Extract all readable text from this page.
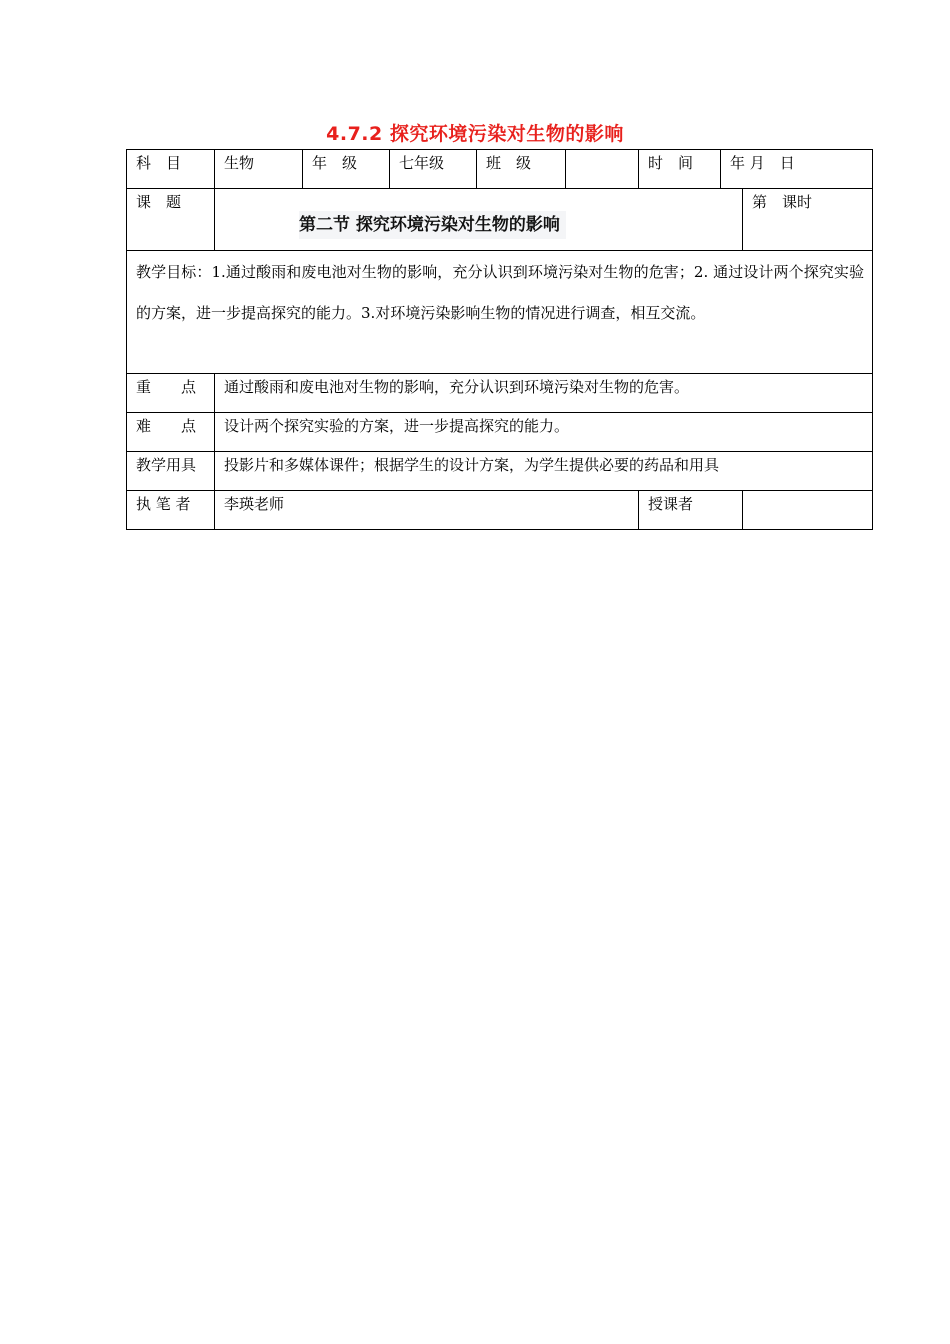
4.7.2 探究环境污染对生物的影响
科　目	生物	年　级	七年级	班　级		时　间	年 月　日	
课　题	第二节 探究环境污染对生物的影响							第　课时
教学目标：1.通过酸雨和废电池对生物的影响，充分认识到环境污染对生物的危害；2. 通过设计两个探究实验的方案，进一步提高探究的能力。3.对环境污染影响生物的情况进行调查，相互交流。								
重　　点	通过酸雨和废电池对生物的影响，充分认识到环境污染对生物的危害。							
难　　点	设计两个探究实验的方案，进一步提高探究的能力。							
教学用具	投影片和多媒体课件；根据学生的设计方案，为学生提供必要的药品和用具							
执 笔 者	李瑛老师					授课者		
